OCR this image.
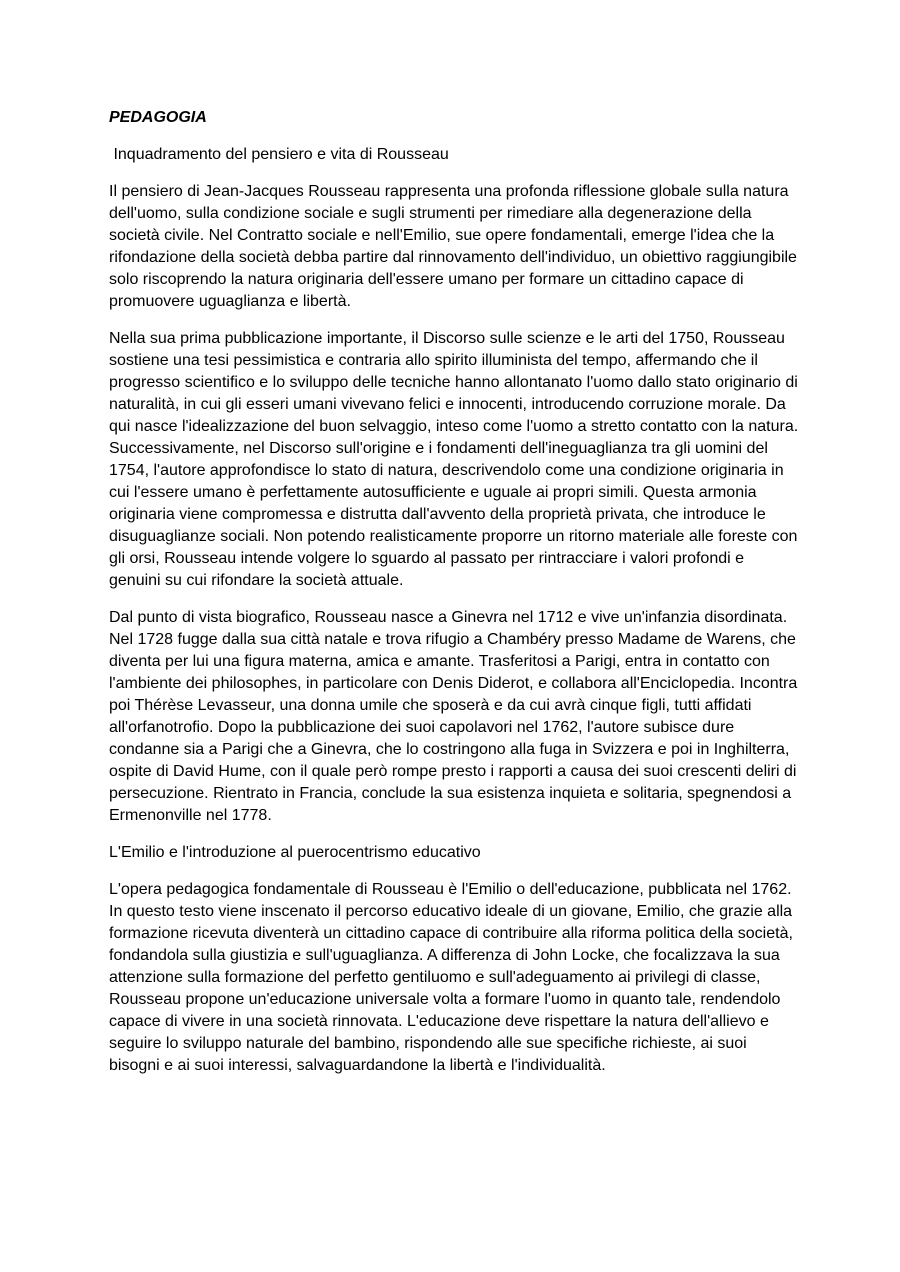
PEDAGOGIA
Inquadramento del pensiero e vita di Rousseau

Il pensiero di Jean-Jacques Rousseau rappresenta una profonda riflessione globale sulla natura dell'uomo, sulla condizione sociale e sugli strumenti per rimediare alla degenerazione della società civile. Nel Contratto sociale e nell'Emilio, sue opere fondamentali, emerge l'idea che la rifondazione della società debba partire dal rinnovamento dell'individuo, un obiettivo raggiungibile solo riscoprendo la natura originaria dell'essere umano per formare un cittadino capace di promuovere uguaglianza e libertà.

Nella sua prima pubblicazione importante, il Discorso sulle scienze e le arti del 1750, Rousseau sostiene una tesi pessimistica e contraria allo spirito illuminista del tempo, affermando che il progresso scientifico e lo sviluppo delle tecniche hanno allontanato l'uomo dallo stato originario di naturalità, in cui gli esseri umani vivevano felici e innocenti, introducendo corruzione morale. Da qui nasce l'idealizzazione del buon selvaggio, inteso come l'uomo a stretto contatto con la natura. Successivamente, nel Discorso sull'origine e i fondamenti dell'ineguaglianza tra gli uomini del 1754, l'autore approfondisce lo stato di natura, descrivendolo come una condizione originaria in cui l'essere umano è perfettamente autosufficiente e uguale ai propri simili. Questa armonia originaria viene compromessa e distrutta dall'avvento della proprietà privata, che introduce le disuguaglianze sociali. Non potendo realisticamente proporre un ritorno materiale alle foreste con gli orsi, Rousseau intende volgere lo sguardo al passato per rintracciare i valori profondi e genuini su cui rifondare la società attuale.

Dal punto di vista biografico, Rousseau nasce a Ginevra nel 1712 e vive un'infanzia disordinata. Nel 1728 fugge dalla sua città natale e trova rifugio a Chambéry presso Madame de Warens, che diventa per lui una figura materna, amica e amante. Trasferitosi a Parigi, entra in contatto con l'ambiente dei philosophes, in particolare con Denis Diderot, e collabora all'Enciclopedia. Incontra poi Thérèse Levasseur, una donna umile che sposerà e da cui avrà cinque figli, tutti affidati all'orfanotrofio. Dopo la pubblicazione dei suoi capolavori nel 1762, l'autore subisce dure condanne sia a Parigi che a Ginevra, che lo costringono alla fuga in Svizzera e poi in Inghilterra, ospite di David Hume, con il quale però rompe presto i rapporti a causa dei suoi crescenti deliri di persecuzione. Rientrato in Francia, conclude la sua esistenza inquieta e solitaria, spegnendosi a Ermenonville nel 1778.

L'Emilio e l'introduzione al puerocentrismo educativo

L'opera pedagogica fondamentale di Rousseau è l'Emilio o dell'educazione, pubblicata nel 1762. In questo testo viene inscenato il percorso educativo ideale di un giovane, Emilio, che grazie alla formazione ricevuta diventerà un cittadino capace di contribuire alla riforma politica della società, fondandola sulla giustizia e sull'uguaglianza. A differenza di John Locke, che focalizzava la sua attenzione sulla formazione del perfetto gentiluomo e sull'adeguamento ai privilegi di classe, Rousseau propone un'educazione universale volta a formare l'uomo in quanto tale, rendendolo capace di vivere in una società rinnovata. L'educazione deve rispettare la natura dell'allievo e seguire lo sviluppo naturale del bambino, rispondendo alle sue specifiche richieste, ai suoi bisogni e ai suoi interessi, salvaguardandone la libertà e l'individualità.
